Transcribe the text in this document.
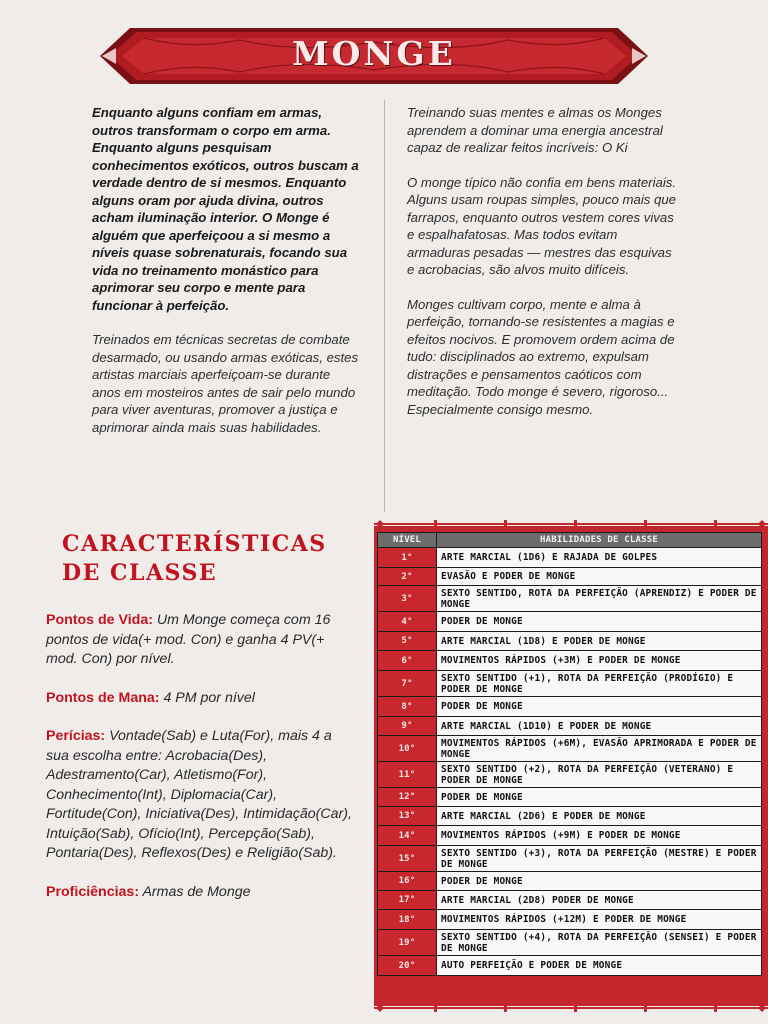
MONGE

Enquanto alguns confiam em armas, outros transformam o corpo em arma. Enquanto alguns pesquisam conhecimentos exóticos, outros buscam a verdade dentro de si mesmos. Enquanto alguns oram por ajuda divina, outros acham iluminação interior. O Monge é alguém que aperfeiçoou a si mesmo a níveis quase sobrenaturais, focando sua vida no treinamento monástico para aprimorar seu corpo e mente para funcionar à perfeição.

Treinados em técnicas secretas de combate desarmado, ou usando armas exóticas, estes artistas marciais aperfeiçoam-se durante anos em mosteiros antes de sair pelo mundo para viver aventuras, promover a justiça e aprimorar ainda mais suas habilidades.

Treinando suas mentes e almas os Monges aprendem a dominar uma energia ancestral capaz de realizar feitos incríveis: O Ki

O monge típico não confia em bens materiais. Alguns usam roupas simples, pouco mais que farrapos, enquanto outros vestem cores vivas e espalhafatosas. Mas todos evitam armaduras pesadas — mestres das esquivas e acrobacias, são alvos muito difíceis.

Monges cultivam corpo, mente e alma à perfeição, tornando-se resistentes a magias e efeitos nocivos. E promovem ordem acima de tudo: disciplinados ao extremo, expulsam distrações e pensamentos caóticos com meditação. Todo monge é severo, rigoroso... Especialmente consigo mesmo.

CARACTERÍSTICAS
DE CLASSE

Pontos de Vida: Um Monge começa com 16 pontos de vida(+ mod. Con) e ganha 4 PV(+ mod. Con) por nível.

Pontos de Mana: 4 PM por nível

Perícias: Vontade(Sab) e Luta(For), mais 4 a sua escolha entre: Acrobacia(Des), Adestramento(Car), Atletismo(For), Conhecimento(Int), Diplomacia(Car), Fortitude(Con), Iniciativa(Des), Intimidação(Car), Intuição(Sab), Ofício(Int), Percepção(Sab), Pontaria(Des), Reflexos(Des) e Religião(Sab).

Proficiências: Armas de Monge

NÍVEL	HABILIDADES DE CLASSE
1°	ARTE MARCIAL (1D6) E RAJADA DE GOLPES
2°	EVASÃO E PODER DE MONGE
3°	SEXTO SENTIDO, ROTA DA PERFEIÇÃO (APRENDIZ) E PODER DE MONGE
4°	PODER DE MONGE
5°	ARTE MARCIAL (1D8) E PODER DE MONGE
6°	MOVIMENTOS RÁPIDOS (+3M) E PODER DE MONGE
7°	SEXTO SENTIDO (+1), ROTA DA PERFEIÇÃO (PRODÍGIO) E PODER DE MONGE
8°	PODER DE MONGE
9°	ARTE MARCIAL (1D10) E PODER DE MONGE
10°	MOVIMENTOS RÁPIDOS (+6M), EVASÃO APRIMORADA E PODER DE MONGE
11°	SEXTO SENTIDO (+2), ROTA DA PERFEIÇÃO (VETERANO) E PODER DE MONGE
12°	PODER DE MONGE
13°	ARTE MARCIAL (2D6) E PODER DE MONGE
14°	MOVIMENTOS RÁPIDOS (+9M) E PODER DE MONGE
15°	SEXTO SENTIDO (+3), ROTA DA PERFEIÇÃO (MESTRE) E PODER DE MONGE
16°	PODER DE MONGE
17°	ARTE MARCIAL (2D8) PODER DE MONGE
18°	MOVIMENTOS RÁPIDOS (+12M) E PODER DE MONGE
19°	SEXTO SENTIDO (+4), ROTA DA PERFEIÇÃO (SENSEI) E PODER DE MONGE
20°	AUTO PERFEIÇÃO E PODER DE MONGE
